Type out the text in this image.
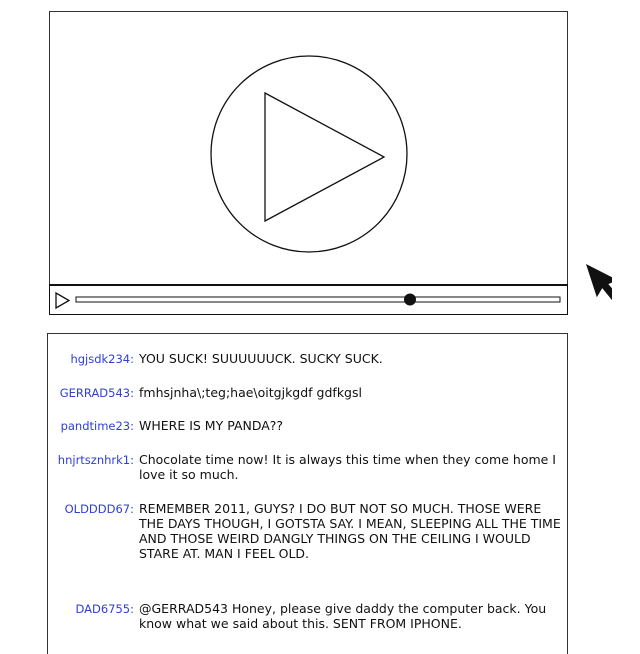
hgjsdk234: YOU SUCK! SUUUUUUCK. SUCKY SUCK.
GERRAD543: fmhsjnha\;teg;hae\oitgjkgdf gdfkgsl
pandtime23: WHERE IS MY PANDA??
hnjrtsznhrk1: Chocolate time now! It is always this time when they come home I love it so much.
OLDDDD67: REMEMBER 2011, GUYS? I DO BUT NOT SO MUCH. THOSE WERE THE DAYS THOUGH, I GOTSTA SAY. I MEAN, SLEEPING ALL THE TIME AND THOSE WEIRD DANGLY THINGS ON THE CEILING I WOULD STARE AT. MAN I FEEL OLD.
DAD6755: @GERRAD543 Honey, please give daddy the computer back. You know what we said about this. SENT FROM IPHONE.
